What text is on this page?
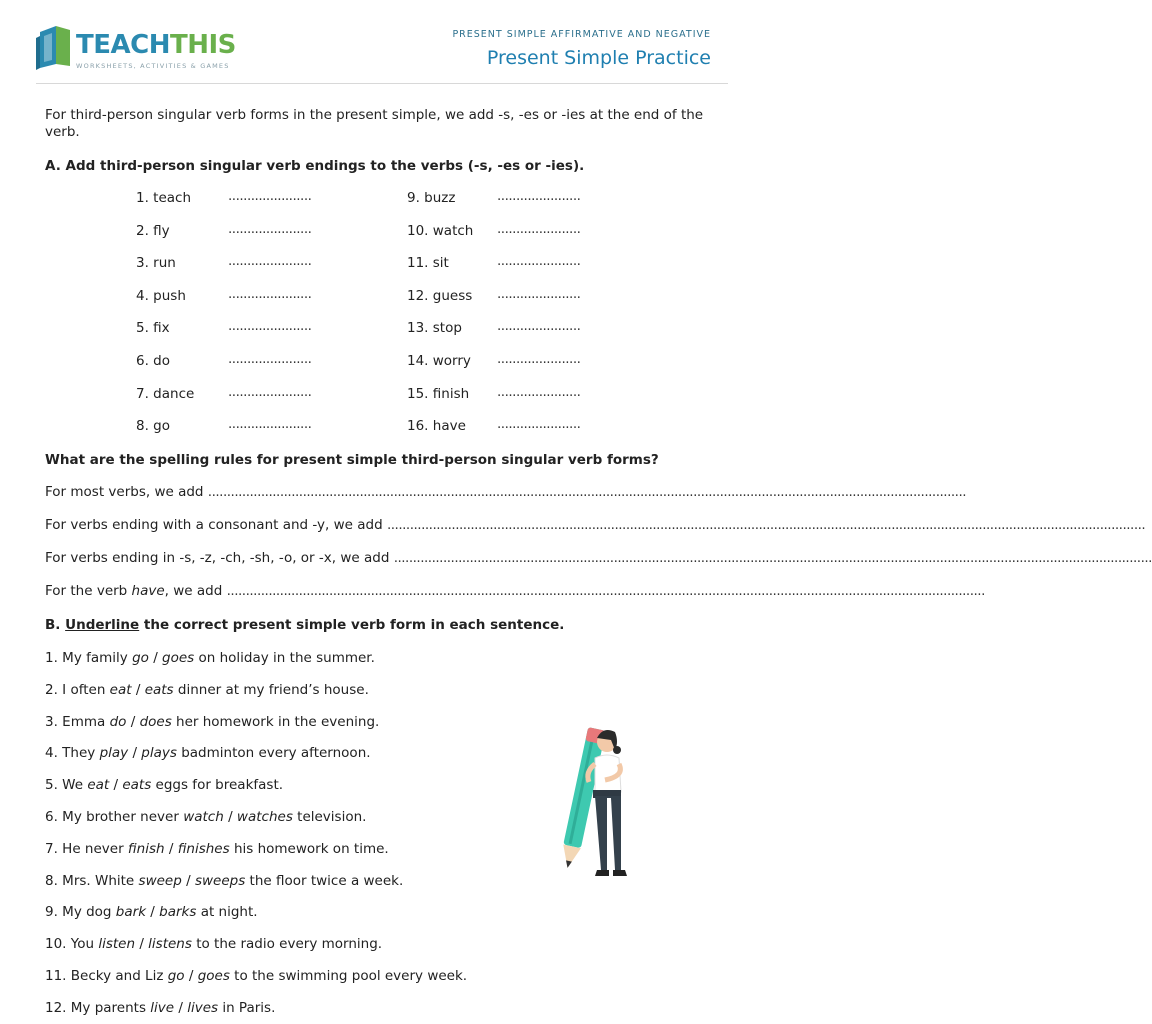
TEACHTHIS
WORKSHEETS, ACTIVITIES & GAMES
PRESENT SIMPLE AFFIRMATIVE AND NEGATIVE
Present Simple Practice
For third-person singular verb forms in the present simple, we add -s, -es or -ies at the end of the verb.
A. Add third-person singular verb endings to the verbs (-s, -es or -ies).
1. teach	......................	9. buzz	......................
2. fly	......................	10. watch ......................
3. run	......................	11. sit	......................
4. push	......................	12. guess ......................
5. fix	......................	13. stop	......................
6. do	......................	14. worry ......................
7. dance ......................	15. finish ......................
8. go	......................	16. have ......................
What are the spelling rules for present simple third-person singular verb forms?
For most verbs, we add ........................................................................................................................................................................................................
For verbs ending with a consonant and -y, we add ........................................................................................................................................................................................................
For verbs ending in -s, -z, -ch, -sh, -o, or -x, we add ........................................................................................................................................................................................................
For the verb have, we add ........................................................................................................................................................................................................
B. Underline the correct present simple verb form in each sentence.
1. My family go / goes on holiday in the summer.
2. I often eat / eats dinner at my friend’s house.
3. Emma do / does her homework in the evening.
4. They play / plays badminton every afternoon.
5. We eat / eats eggs for breakfast.
6. My brother never watch / watches television.
7. He never finish / finishes his homework on time.
8. Mrs. White sweep / sweeps the floor twice a week.
9. My dog bark / barks at night.
10. You listen / listens to the radio every morning.
11. Becky and Liz go / goes to the swimming pool every week.
12. My parents live / lives in Paris.
